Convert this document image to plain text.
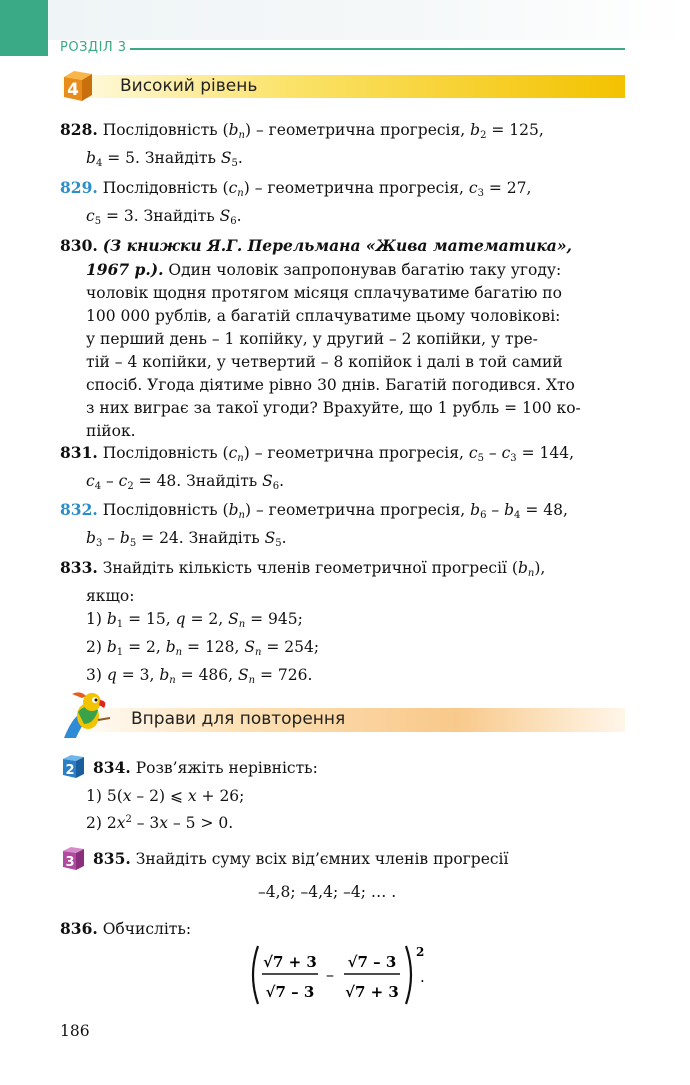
РОЗДІЛ 3
4 Високий рівень
828. Послідовність $(b_n)$ – геометрична прогресія, $b_2 = 125$,
$b_4 = 5$. Знайдіть $S_5$.
829. Послідовність $(c_n)$ – геометрична прогресія, $c_3 = 27$,
$c_5 = 3$. Знайдіть $S_6$.
830. (З книжки Я.Г. Перельмана «Жива математика»,
1967 р.). Один чоловік запропонував багатію таку угоду:
чоловік щодня протягом місяця сплачуватиме багатію по
100 000 рублів, а багатій сплачуватиме цьому чоловікові:
у перший день – 1 копійку, у другий – 2 копійки, у тре-
тій – 4 копійки, у четвертий – 8 копійок і далі в той самий
спосіб. Угода діятиме рівно 30 днів. Багатій погодився. Хто
з них виграє за такої угоди? Врахуйте, що 1 рубль = 100 ко-
пійок.
831. Послідовність $(c_n)$ – геометрична прогресія, $c_5 - c_3 = 144$,
$c_4 - c_2 = 48$. Знайдіть $S_6$.
832. Послідовність $(b_n)$ – геометрична прогресія, $b_6 - b_4 = 48$,
$b_3 - b_5 = 24$. Знайдіть $S_5$.
833. Знайдіть кількість членів геометричної прогресії $(b_n)$,
якщо:
1) $b_1 = 15$, q = 2, $S_n = 945$;
2) $b_1 = 2$, $b_n = 128$, $S_n = 254$;
3) q = 3, $b_n = 486$, $S_n = 726$.
Вправи для повторення
2 834. Розв’яжіть нерівність:
1) 5(x – 2) ⩽ x + 26;
2) $2x^2 - 3x - 5 > 0$.
3 835. Знайдіть суму всіх від’ємних членів прогресії
–4,8; –4,4; –4; … .
836. Обчисліть:
√7 + 3
√7 – 3
–
√7 – 3
√7 + 3
2
.
186
